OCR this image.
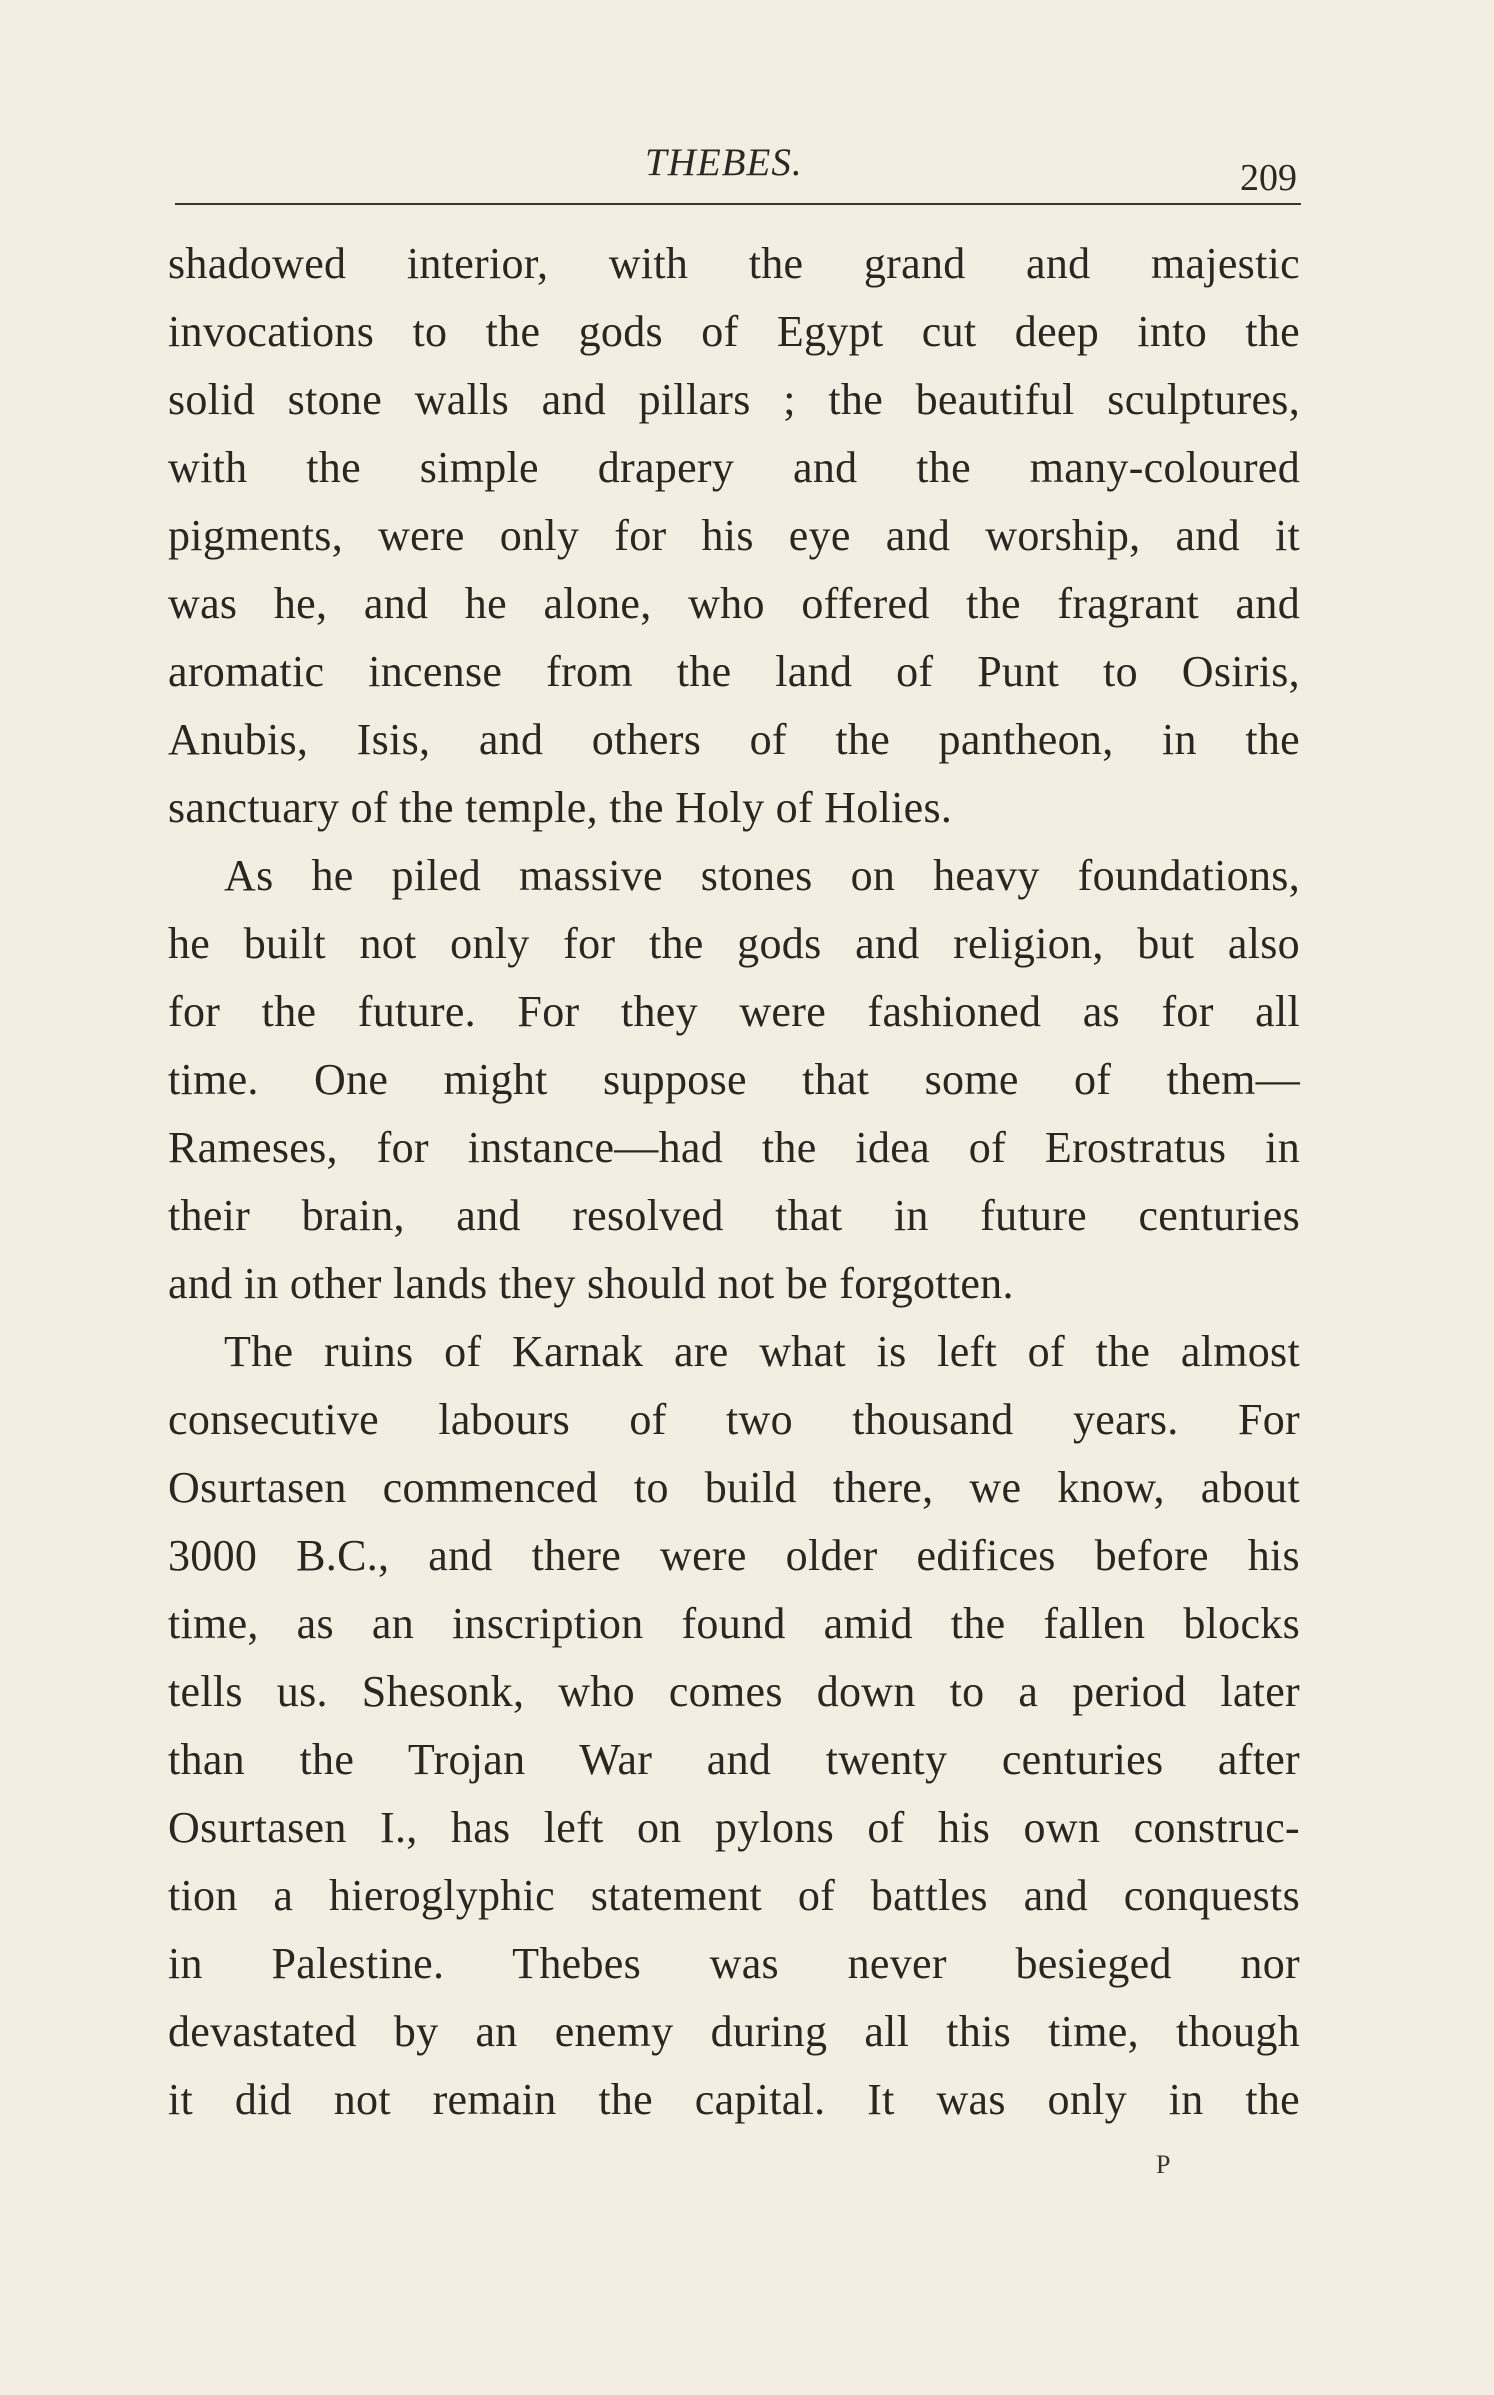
THEBES.	209
shadowed interior, with the grand and majestic
invocations to the gods of Egypt cut deep into the
solid stone walls and pillars ; the beautiful sculptures,
with the simple drapery and the many-coloured
pigments, were only for his eye and worship, and it
was he, and he alone, who offered the fragrant and
aromatic incense from the land of Punt to Osiris,
Anubis, Isis, and others of the pantheon, in the
sanctuary of the temple, the Holy of Holies.
As he piled massive stones on heavy foundations,
he built not only for the gods and religion, but also
for the future. For they were fashioned as for all
time. One might suppose that some of them—
Rameses, for instance—had the idea of Erostratus in
their brain, and resolved that in future centuries
and in other lands they should not be forgotten.
The ruins of Karnak are what is left of the almost
consecutive labours of two thousand years. For
Osurtasen commenced to build there, we know, about
3000 B.C., and there were older edifices before his
time, as an inscription found amid the fallen blocks
tells us. Shesonk, who comes down to a period later
than the Trojan War and twenty centuries after
Osurtasen I., has left on pylons of his own construc-
tion a hieroglyphic statement of battles and conquests
in Palestine. Thebes was never besieged nor
devastated by an enemy during all this time, though
it did not remain the capital. It was only in the
P
